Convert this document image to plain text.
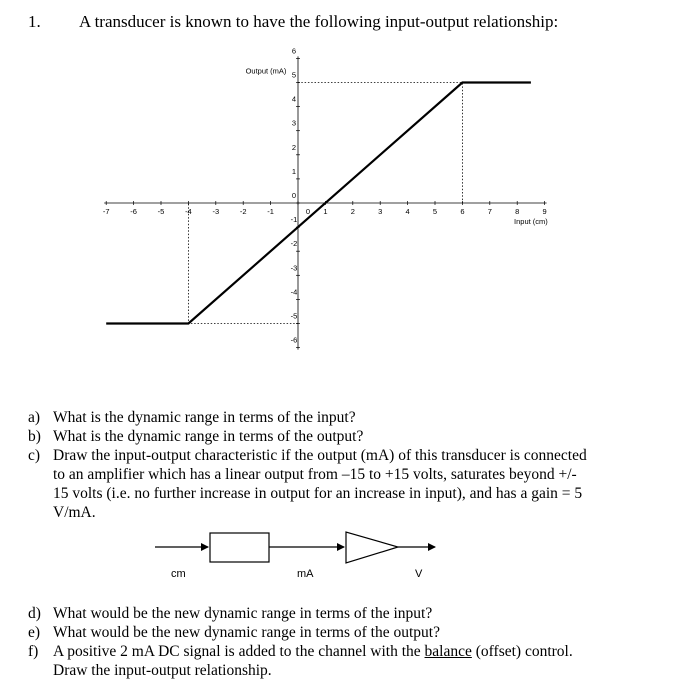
1. A transducer is known to have the following input-output relationship:
-7	-6	-5	-4	-3	-2	-1	0 1	2	3	4	5	6	7	8	9
-6
-5
-4
-3
-2
-1
0
1
2
3
4
5
6
Output (mA)
Input (cm)
a) What is the dynamic range in terms of the input?
b) What is the dynamic range in terms of the output?
c) Draw the input-output characteristic if the output (mA) of this transducer is connected
to an amplifier which has a linear output from –15 to +15 volts, saturates beyond +/-
15 volts (i.e. no further increase in output for an increase in input), and has a gain = 5
V/mA.
cm	mA	V
d) What would be the new dynamic range in terms of the input?
e) What would be the new dynamic range in terms of the output?
f) A positive 2 mA DC signal is added to the channel with the balance (offset) control.
Draw the input-output relationship.
